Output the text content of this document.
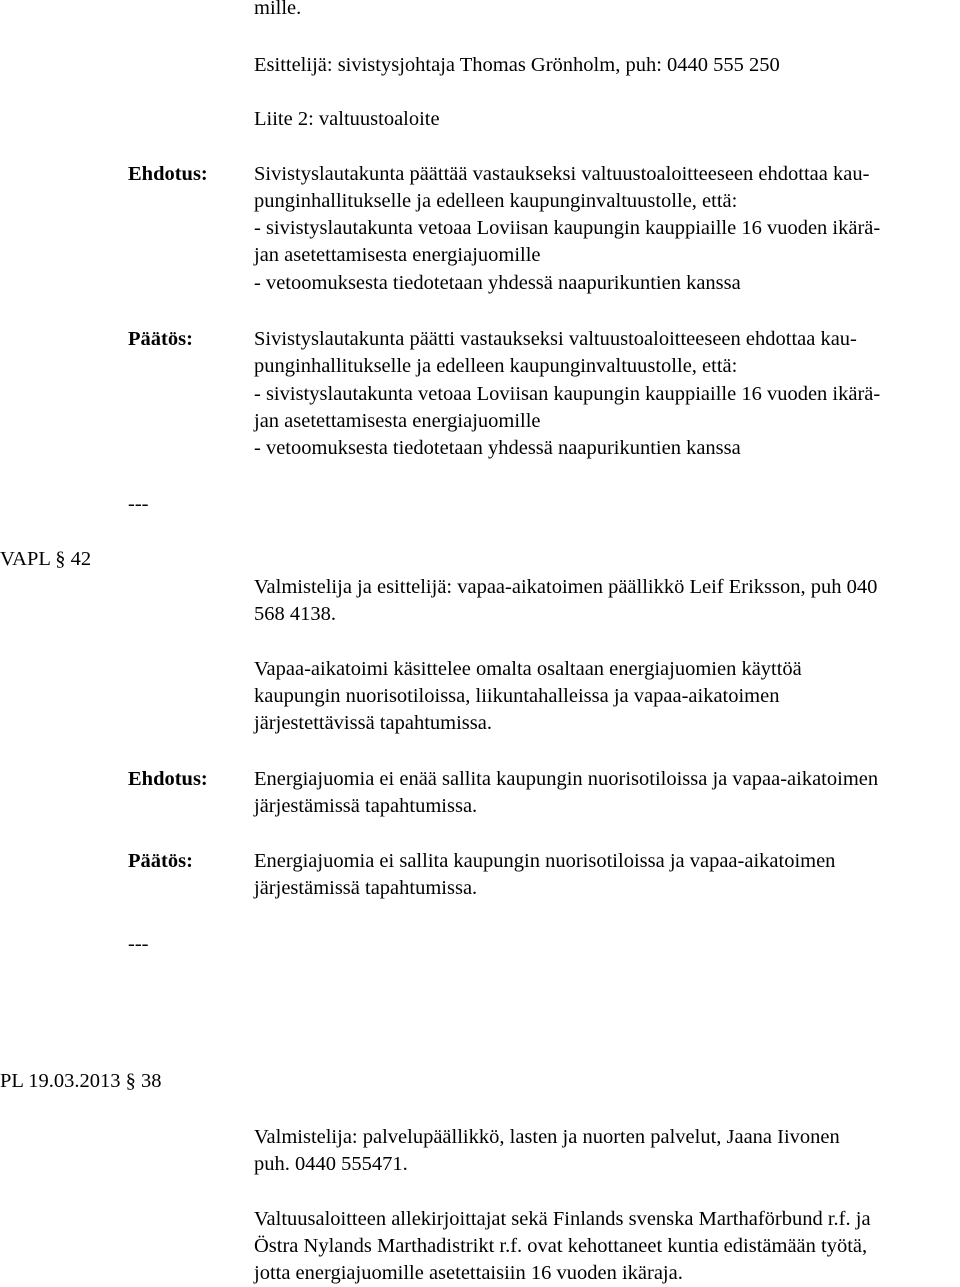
mille.
Esittelijä: sivistysjohtaja Thomas Grönholm, puh: 0440 555 250
Liite 2: valtuustoaloite
Ehdotus: Sivistyslautakunta päättää vastaukseksi valtuustoaloitteeseen ehdottaa kau-
punginhallitukselle ja edelleen kaupunginvaltuustolle, että:
- sivistyslautakunta vetoaa Loviisan kaupungin kauppiaille 16 vuoden ikärä-
jan asetettamisesta energiajuomille
- vetoomuksesta tiedotetaan yhdessä naapurikuntien kanssa
Päätös:	Sivistyslautakunta päätti vastaukseksi valtuustoaloitteeseen ehdottaa kau-
punginhallitukselle ja edelleen kaupunginvaltuustolle, että:
- sivistyslautakunta vetoaa Loviisan kaupungin kauppiaille 16 vuoden ikärä-
jan asetettamisesta energiajuomille
- vetoomuksesta tiedotetaan yhdessä naapurikuntien kanssa
---
VAPL § 42
Valmistelija ja esittelijä: vapaa-aikatoimen päällikkö Leif Eriksson, puh 040
568 4138.
Vapaa-aikatoimi käsittelee omalta osaltaan energiajuomien käyttöä
kaupungin nuorisotiloissa, liikuntahalleissa ja vapaa-aikatoimen
järjestettävissä tapahtumissa.
Ehdotus: Energiajuomia ei enää sallita kaupungin nuorisotiloissa ja vapaa-aikatoimen
järjestämissä tapahtumissa.
Päätös:	Energiajuomia ei sallita kaupungin nuorisotiloissa ja vapaa-aikatoimen
järjestämissä tapahtumissa.
---
PL 19.03.2013 § 38
Valmistelija: palvelupäällikkö, lasten ja nuorten palvelut, Jaana Iivonen
puh. 0440 555471.
Valtuusaloitteen allekirjoittajat sekä Finlands svenska Marthaförbund r.f. ja
Östra Nylands Marthadistrikt r.f. ovat kehottaneet kuntia edistämään työtä,
jotta energiajuomille asetettaisiin 16 vuoden ikäraja.
